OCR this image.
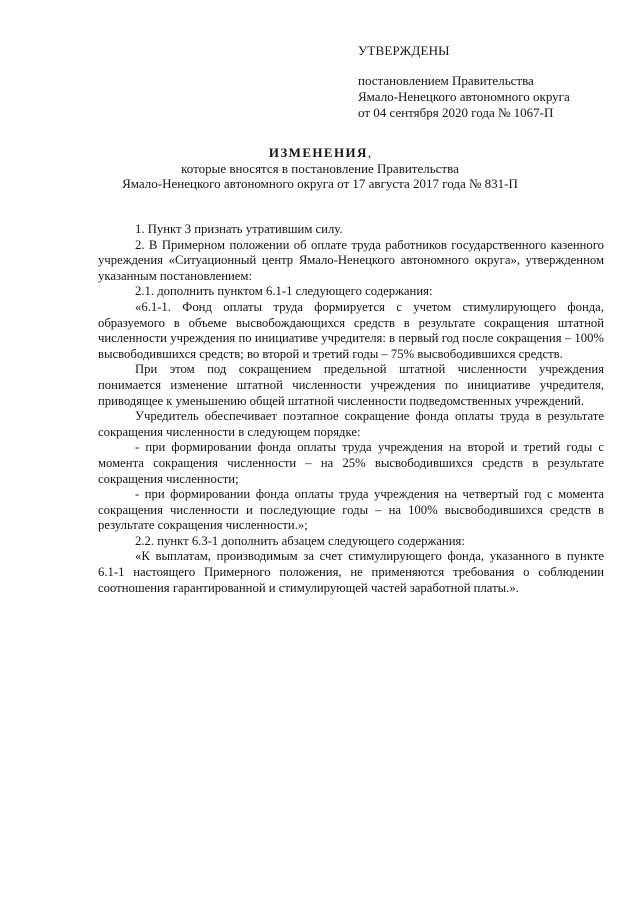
УТВЕРЖДЕНЫ
постановлением Правительства
Ямало-Ненецкого автономного округа
от 04 сентября 2020 года № 1067-П
ИЗМЕНЕНИЯ,
которые вносятся в постановление Правительства
Ямало-Ненецкого автономного округа от 17 августа 2017 года № 831-П

1. Пункт 3 признать утратившим силу.

2. В Примерном положении об оплате труда работников государственного казенного учреждения «Ситуационный центр Ямало-Ненецкого автономного округа», утвержденном указанным постановлением:

2.1. дополнить пунктом 6.1-1 следующего содержания:

«6.1-1. Фонд оплаты труда формируется с учетом стимулирующего фонда, образуемого в объеме высвобождающихся средств в результате сокращения штатной численности учреждения по инициативе учредителя: в первый год после сокращения – 100% высвободившихся средств; во второй и третий годы – 75% высвободившихся средств.

При этом под сокращением предельной штатной численности учреждения понимается изменение штатной численности учреждения по инициативе учредителя, приводящее к уменьшению общей штатной численности подведомственных учреждений.

Учредитель обеспечивает поэтапное сокращение фонда оплаты труда в результате сокращения численности в следующем порядке:

- при формировании фонда оплаты труда учреждения на второй и третий годы с момента сокращения численности – на 25% высвободившихся средств в результате сокращения численности;

- при формировании фонда оплаты труда учреждения на четвертый год с момента сокращения численности и последующие годы – на 100% высвободившихся средств в результате сокращения численности.»;

2.2. пункт 6.3-1 дополнить абзацем следующего содержания:

«К выплатам, производимым за счет стимулирующего фонда, указанного в пункте 6.1-1 настоящего Примерного положения, не применяются требования о соблюдении соотношения гарантированной и стимулирующей частей заработной платы.».
